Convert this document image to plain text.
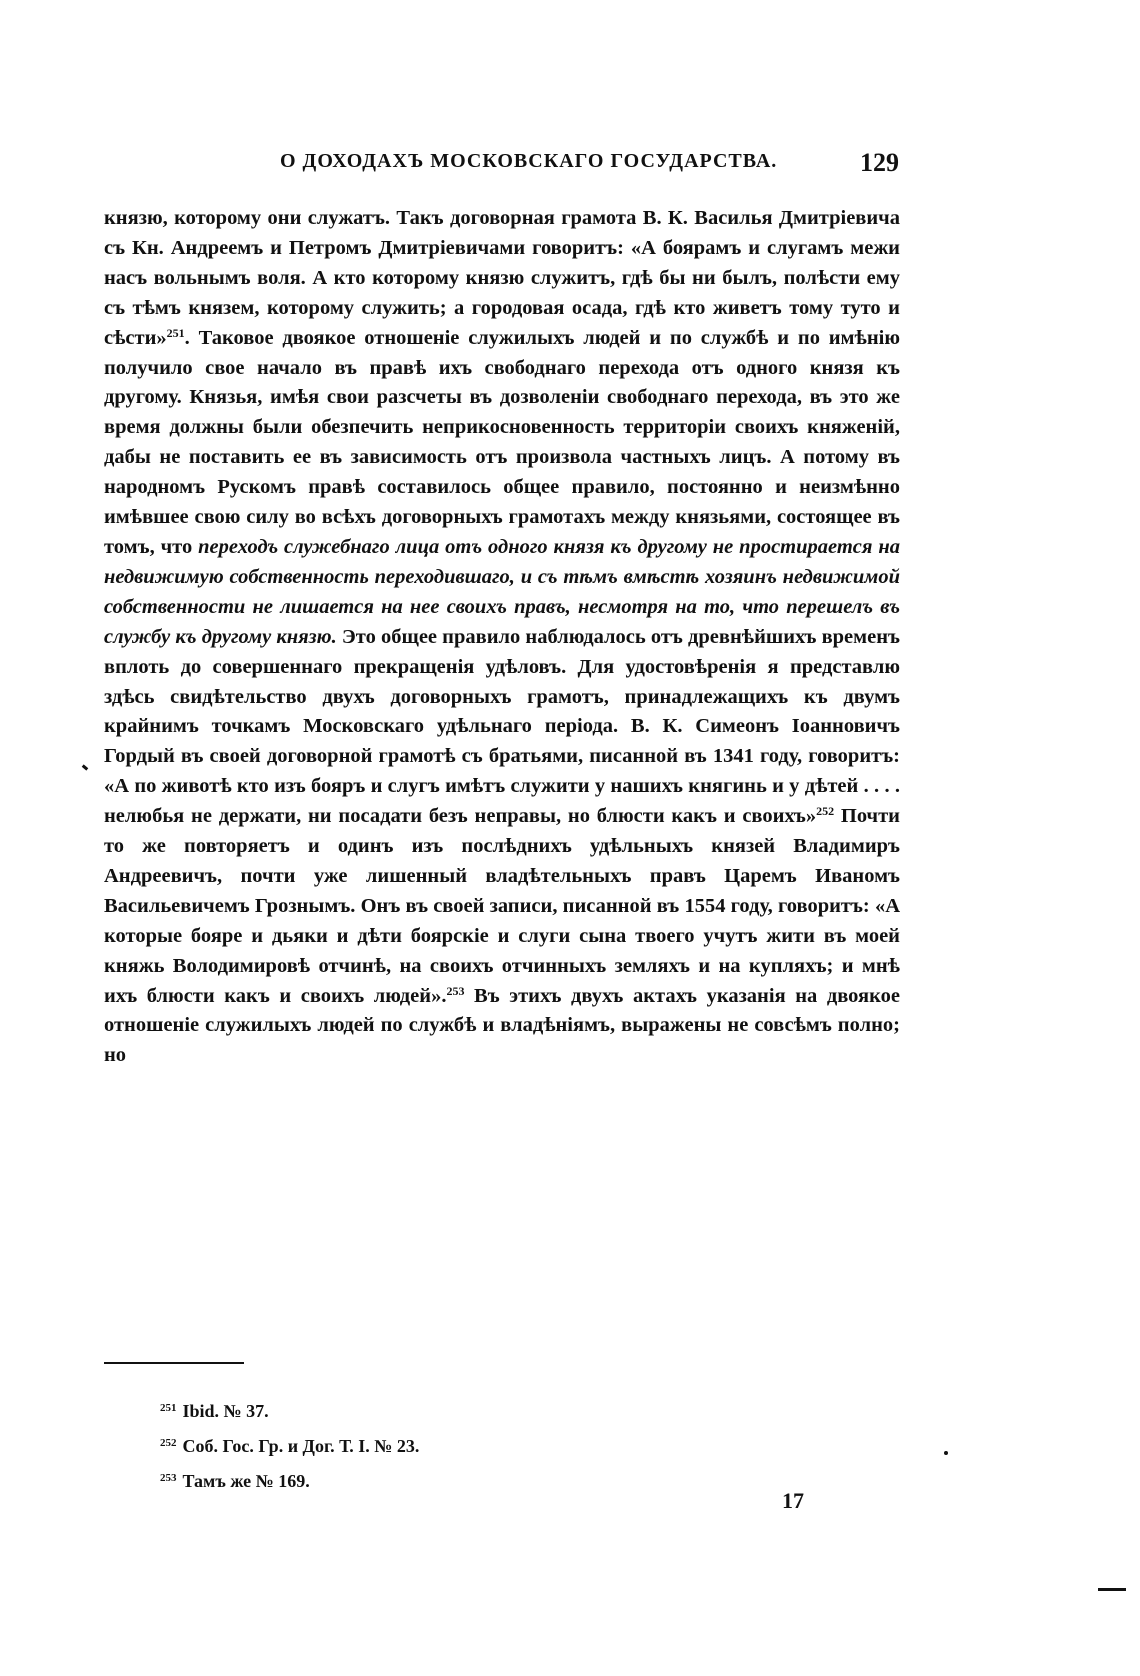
О ДОХОДАХЪ МОСКОВСКАГО ГОСУДАРСТВА.	129

князю, которому они служатъ. Такъ договорная грамота В. К. Василья Дмитріевича съ Кн. Андреемъ и Петромъ Дмитріевичами говоритъ: «А боярамъ и слугамъ межи насъ вольнымъ воля. А кто которому князю служитъ, гдѣ бы ни былъ, полѣсти ему съ тѣмъ князем, которому служить; а городовая осада, гдѣ кто живетъ тому туто и сѣсти»$^{251}$. Таковое двоякое отношеніе служилыхъ людей и по службѣ и по имѣнію получило свое начало въ правѣ ихъ свободнаго перехода отъ одного князя къ другому. Князья, имѣя свои разсчеты въ дозволеніи свободнаго перехода, въ это же время должны были обезпечить неприкосновенность территоріи своихъ княженій, дабы не поставить ее въ зависимость отъ произвола частныхъ лицъ. А потому въ народномъ Рускомъ правѣ составилось общее правило, постоянно и неизмѣнно имѣвшее свою силу во всѣхъ договорныхъ грамотахъ между князьями, состоящее въ томъ, что переходъ служебнаго лица отъ одного князя къ другому не простирается на недвижимую собственность переходившаго, и съ тѣмъ вмѣстѣ хозяинъ недвижимой собственности не лишается на нее своихъ правъ, несмотря на то, что перешелъ въ службу къ другому князю. Это общее правило наблюдалось отъ древнѣйшихъ временъ вплоть до совершеннаго прекращенія удѣловъ. Для удостовѣренія я представлю здѣсь свидѣтельство двухъ договорныхъ грамотъ, принадлежащихъ къ двумъ крайнимъ точкамъ Московскаго удѣльнаго періода. В. К. Симеонъ Іоанновичъ Гордый въ своей договорной грамотѣ съ братьями, писанной въ 1341 году, говоритъ: «А по животѣ кто изъ бояръ и слугъ имѣтъ служити у нашихъ княгинь и у дѣтей . . . . нелюбья не держати, ни посадати безъ неправы, но блюсти какъ и своихъ»$^{252}$ Почти то же повторяетъ и одинъ изъ послѣднихъ удѣльныхъ князей Владимиръ Андреевичъ, почти уже лишенный владѣтельныхъ правъ Царемъ Иваномъ Васильевичемъ Грознымъ. Онъ въ своей записи, писанной въ 1554 году, говоритъ: «А которые бояре и дьяки и дѣти боярскіе и слуги сына твоего учутъ жити въ моей княжь Володимировѣ отчинѣ, на своихъ отчинныхъ земляхъ и на купляхъ; и мнѣ ихъ блюсти какъ и своихъ людей».$^{253}$ Въ этихъ двухъ актахъ указанія на двоякое отношеніе служилыхъ людей по службѣ и владѣніямъ, выражены не совсѣмъ полно; но

$^{251}$ Ibid. № 37.
$^{252}$ Соб. Гос. Гр. и Дог. Т. І. № 23.
$^{253}$ Тамъ же № 169.
17
